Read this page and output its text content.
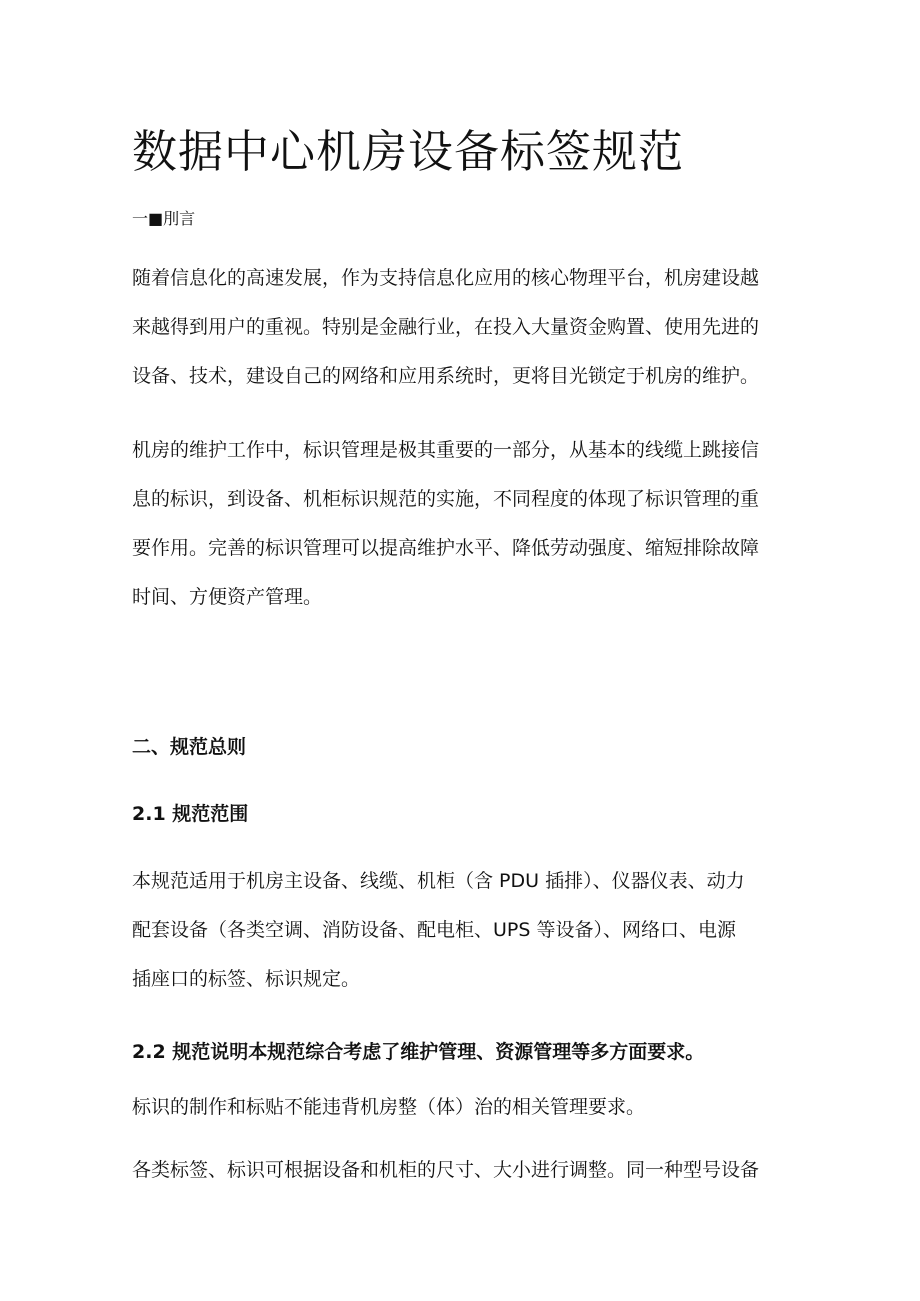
数据中心机房设备标签规范
一■刖言

随着信息化的高速发展，作为支持信息化应用的核心物理平台，机房建设越
来越得到用户的重视。特别是金融行业，在投入大量资金购置、使用先进的
设备、技术，建设自己的网络和应用系统时，更将目光锁定于机房的维护。

机房的维护工作中，标识管理是极其重要的一部分，从基本的线缆上跳接信
息的标识，到设备、机柜标识规范的实施，不同程度的体现了标识管理的重
要作用。完善的标识管理可以提高维护水平、降低劳动强度、缩短排除故障
时间、方便资产管理。

二、规范总则
2.1 规范范围

本规范适用于机房主设备、线缆、机柜（含 PDU 插排）、仪器仪表、动力
配套设备（各类空调、消防设备、配电柜、UPS 等设备）、网络口、电源
插座口的标签、标识规定。

2.2 规范说明本规范综合考虑了维护管理、资源管理等多方面要求。

标识的制作和标贴不能违背机房整（体）治的相关管理要求。

各类标签、标识可根据设备和机柜的尺寸、大小进行调整。同一种型号设备
